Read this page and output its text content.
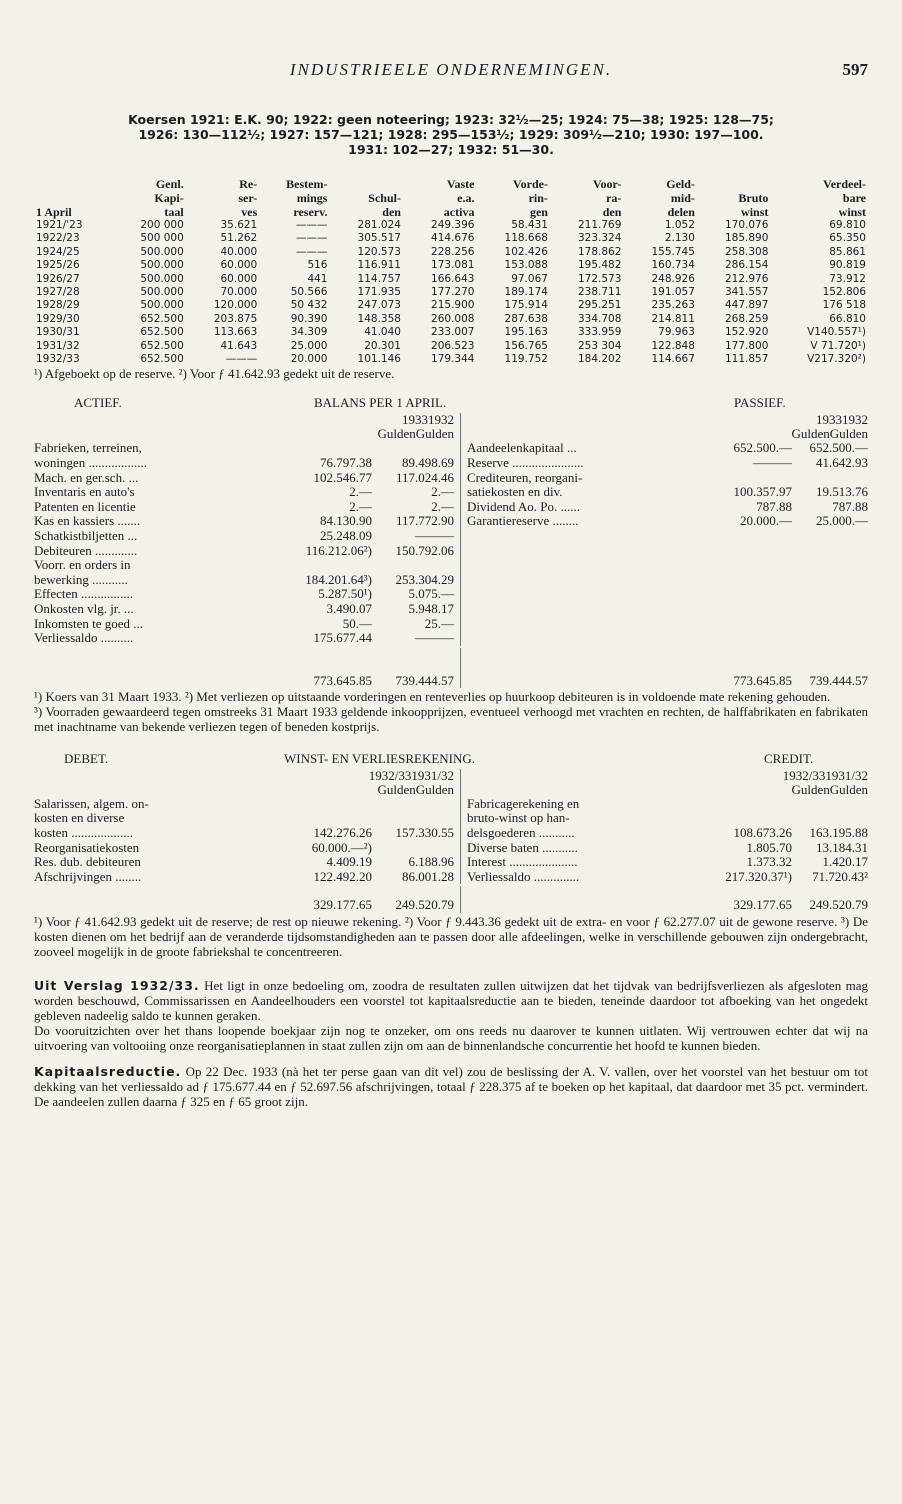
INDUSTRIEELE ONDERNEMINGEN.	597
Koersen 1921: E.K. 90; 1922: geen noteering; 1923: 32½—25; 1924: 75—38; 1925: 128—75;
1926: 130—112½; 1927: 157—121; 1928: 295—153½; 1929: 309½—210; 1930: 197—100.
1931: 102—27; 1932: 51—30.
	Geпl.	Re-	Bestem-		Vaste	Vorde-	Voor-	Geld-		Verdeel-
	Kapi-	ser-	mings	Schul-	e.a.	rin-	ra-	mid-	Bruto	bare
1 April	taal	ves	reserv.	den	activa	gen	den	delen	winst	winst
1921/'23	200 000	35.621	———	281.024	249.396	58.431	211.769	1.052	170.076	69.810
1922/23	500 000	51.262	———	305.517	414.676	118.668	323.324	2.130	185.890	65.350
1924/25	500.000	40.000	———	120.573	228.256	102.426	178.862	155.745	258.308	85.861
1925/26	500.000	60.000	516	116.911	173.081	153.088	195.482	160.734	286.154	90.819
1926/27	500.000	60.000	441	114.757	166.643	97.067	172.573	248.926	212.976	73.912
1927/28	500.000	70.000	50.566	171.935	177.270	189.174	238.711	191.057	341.557	152.806
1928/29	500.000	120.000	50 432	247.073	215.900	175.914	295.251	235.263	447.897	176 518
1929/30	652.500	203.875	90.390	148.358	260.008	287.638	334.708	214.811	268.259	66.810
1930/31	652.500	113.663	34.309	41.040	233.007	195.163	333.959	79.963	152.920	V140.557¹)
1931/32	652.500	41.643	25.000	20.301	206.523	156.765	253 304	122.848	177.800	V 71.720¹)
1932/33	652.500	———	20.000	101.146	179.344	119.752	184.202	114.667	111.857	V217.320²)
¹) Afgeboekt op de reserve. ²) Voor ƒ 41.642.93 gedekt uit de reserve.
ACTIEF.	BALANS PER 1 APRIL.	PASSIEF.
1933 1932
Gulden Gulden
Fabrieken, terreinen,
woningen ..................	76.797.38	89.498.69
Mach. en ger.sch. ...	102.546.77	117.024.46
Inventaris en auto's	2.—	2.—
Patenten en licentie	2.—	2.—
Kas en kassiers .......	84.130.90	117.772.90
Schatkistbiljetten ...	25.248.09	———
Debiteuren .............	116.212.06²)	150.792.06
Voorr. en orders in
bewerking ...........	184.201.64³)	253.304.29
Effecten ................	5.287.50¹)	5.075.—
Onkosten vlg. jr. ...	3.490.07	5.948.17
Inkomsten te goed ...	50.—	25.—
Verliessaldo ..........	175.677.44	———
1933 1932
Gulden Gulden
Aandeelenkapitaal ...	652.500.—	652.500.—
Reserve ......................	———	41.642.93
Crediteuren, reorgani-
satiekosten en div.	100.357.97	19.513.76
Dividend Ao. Po. ......	787.88	787.88
Garantiereserve ........	20.000.—	25.000.—
773.645.85	739.444.57	773.645.85	739.444.57
¹) Koers van 31 Maart 1933. ²) Met verliezen op uitstaande vorderingen en renteverlies op huurkoop debiteuren is in voldoende mate rekening gehouden.
³) Voorraden gewaardeerd tegen omstreeks 31 Maart 1933 geldende inkoopprijzen, eventueel verhoogd met vrachten en rechten, de halffabrikaten en fabrikaten met inachtname van bekende verliezen tegen of beneden kostprijs.
DEBET.	WINST- EN VERLIESREKENING.	CREDIT.
1932/33 1931/32
Gulden Gulden
Salarissen, algem. on-
kosten en diverse
kosten ...................	142.276.26	157.330.55
Reorganisatiekosten	60.000.—²)
Res. dub. debiteuren	4.409.19	6.188.96
Afschrijvingen ........	122.492.20	86.001.28
1932/33 1931/32
Gulden Gulden
Fabricagerekening en
bruto-winst op han-
delsgoederen ...........	108.673.26	163.195.88
Diverse baten ...........	1.805.70	13.184.31
Interest .....................	1.373.32	1.420.17
Verliessaldo ..............	217.320.37¹)	71.720.43²
329.177.65	249.520.79	329.177.65	249.520.79
¹) Voor ƒ 41.642.93 gedekt uit de reserve; de rest op nieuwe rekening. ²) Voor ƒ 9.443.36 gedekt uit de extra- en voor ƒ 62.277.07 uit de gewone reserve. ³) De kosten dienen om het bedrijf aan de veranderde tijdsomstandigheden aan te passen door alle afdeelingen, welke in verschillende gebouwen zijn ondergebracht, zooveel mogelijk in de groote fabriekshal te concentreeren.
Uit Verslag 1932/33. Het ligt in onze bedoeling om, zoodra de resultaten zullen uitwijzen dat het tijdvak van bedrijfsverliezen als afgesloten mag worden beschouwd, Commissarissen en Aandeelhouders een voorstel tot kapitaalsreductie aan te bieden, teneinde daardoor tot afboeking van het ongedekt gebleven nadeelig saldo te kunnen geraken.
Do vooruitzichten over het thans loopende boekjaar zijn nog te onzeker, om ons reeds nu daarover te kunnen uitlaten. Wij vertrouwen echter dat wij na uitvoering van voltooiing onze reorganisatieplannen in staat zullen zijn om aan de binnenlandsche concurrentie het hoofd te kunnen bieden.
Kapitaalsreductie. Op 22 Dec. 1933 (nà het ter perse gaan van dit vel) zou de beslissing der A. V. vallen, over het voorstel van het bestuur om tot dekking van het verliessaldo ad ƒ 175.677.44 en ƒ 52.697.56 afschrijvingen, totaal ƒ 228.375 af te boeken op het kapitaal, dat daardoor met 35 pct. vermindert. De aandeelen zullen daarna ƒ 325 en ƒ 65 groot zijn.
